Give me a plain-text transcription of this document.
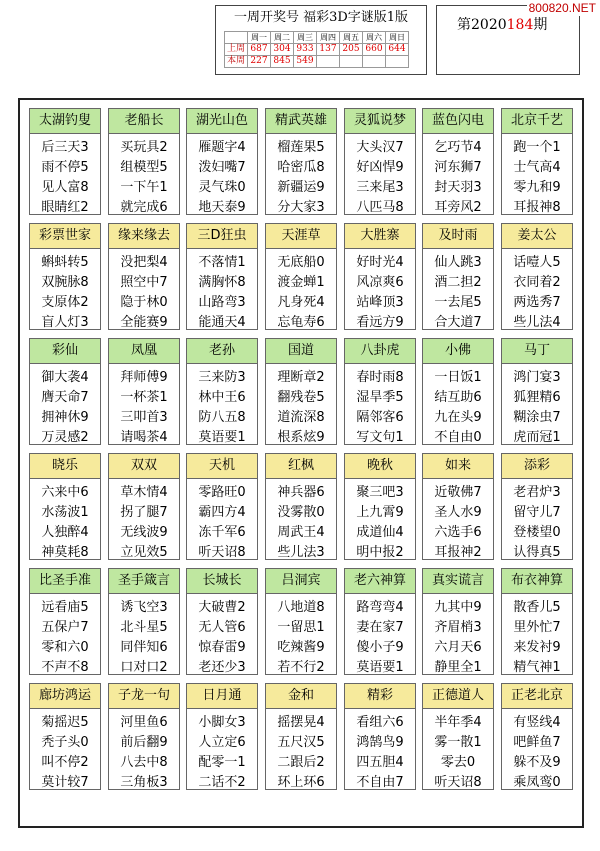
一周开奖号 福彩3D字谜版1版
	周一	周二	周三	周四	周五	周六	周日
上周	687	304	933	137	205	660	644
本周	227	845	549				
第2020184期
800820.NET
太湖钓叟
后三天3
雨不停5
见人富8
眼睛红2
老船长
买玩具2
组模型5
一下午1
就完成6
湖光山色
雁题字4
泼妇嘴7
灵气珠0
地天泰9
精武英雄
榴莲果5
哈密瓜8
新疆运9
分大家3
灵狐说梦
大头汉7
好凶悍9
三来尾3
八匹马8
蓝色闪电
乞巧节4
河东狮7
封天羽3
耳旁风2
北京千艺
跑一个1
士气高4
零九和9
耳报神8
彩票世家
蝌蚪转5
双腕脉8
支原体2
盲人灯3
缘来缘去
没把梨4
照空中7
隐于林0
全能赛9
三D狂虫
不落情1
满胸怀8
山路弯3
能通天4
天涯草
无底船0
渡金蝉1
凡身死4
忘龟寿6
大胜寨
好时光4
风凉爽6
站峰顶3
看远方9
及时雨
仙人跳3
酒二担2
一去尾5
合大道7
姜太公
话噎人5
衣同着2
两选秀7
些儿法4
彩仙
御大袭4
膺天命7
拥神休9
万灵感2
凤凰
拜师傅9
一杯茶1
三叩首3
请喝茶4
老孙
三来防3
林中王6
防八五8
莫语要1
国道
理断章2
翻残卷5
道流深8
根系炫9
八卦虎
春时雨8
湿旱季5
隔邻客6
写文句1
小佛
一日饭1
结互助6
九在头9
不自由0
马丁
鸿门宴3
狐狸精6
糊涂虫7
虎而冠1
晓乐
六来中6
水荡波1
人独醉4
神莫耗8
双双
草木情4
拐了腿7
无线波9
立见效5
天机
零路旺0
霸四方4
冻千军6
听天诏8
红枫
神兵器6
没雾散0
周武王4
些儿法3
晚秋
聚三吧3
上九霄9
成道仙4
明中报2
如来
近敬佛7
圣人水9
六选手6
耳报神2
添彩
老君炉3
留守儿7
登楼望0
认得真5
比圣手准
远看庙5
五保户7
零和六0
不声不8
圣手箴言
诱飞空3
北斗星5
同伴知6
口对口2
长城长
大破曹2
无人管6
惊春雷9
老还少3
吕洞宾
八地道8
一留思1
吃辣酱9
若不行2
老六神算
路弯弯4
妻在家7
傻小子9
莫语要1
真实谎言
九其中9
齐眉梢3
六月天6
静里全1
布衣神算
散香儿5
里外忙7
来发衬9
精气神1
廊坊鸿运
菊摇迟5
秃子头0
叫不停2
莫计较7
子龙一句
河里鱼6
前后翻9
八去中8
三角板3
日月通
小脚女3
人立定6
配零一1
二话不2
金和
摇摆晃4
五尺汉5
二跟后2
环上环6
精彩
看组六6
鸿鹄鸟9
四五胆4
不自由7
正德道人
半年季4
雾一散1
零去0
听天诏8
正老北京
有竖线4
吧鲜鱼7
躲不及9
乘凤鸾0
